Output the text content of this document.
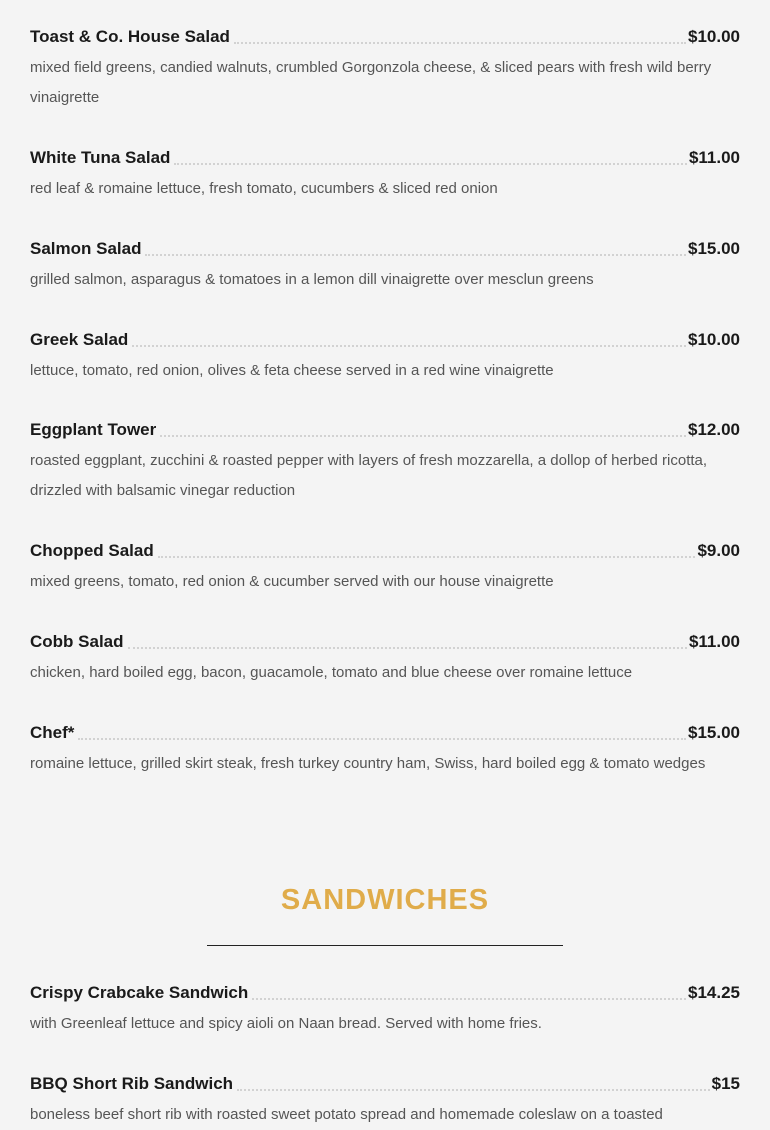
Toast & Co. House Salad	$10.00
mixed field greens, candied walnuts, crumbled Gorgonzola cheese, & sliced pears with fresh wild berry vinaigrette
White Tuna Salad	$11.00
red leaf & romaine lettuce, fresh tomato, cucumbers & sliced red onion
Salmon Salad	$15.00
grilled salmon, asparagus & tomatoes in a lemon dill vinaigrette over mesclun greens
Greek Salad	$10.00
lettuce, tomato, red onion, olives & feta cheese served in a red wine vinaigrette
Eggplant Tower	$12.00
roasted eggplant, zucchini & roasted pepper with layers of fresh mozzarella, a dollop of herbed ricotta, drizzled with balsamic vinegar reduction
Chopped Salad	$9.00
mixed greens, tomato, red onion & cucumber served with our house vinaigrette
Cobb Salad	$11.00
chicken, hard boiled egg, bacon, guacamole, tomato and blue cheese over romaine lettuce
Chef*	$15.00
romaine lettuce, grilled skirt steak, fresh turkey country ham, Swiss, hard boiled egg & tomato wedges
SANDWICHES
Crispy Crabcake Sandwich	$14.25
with Greenleaf lettuce and spicy aioli on Naan bread. Served with home fries.
BBQ Short Rib Sandwich	$15
boneless beef short rib with roasted sweet potato spread and homemade coleslaw on a toasted
